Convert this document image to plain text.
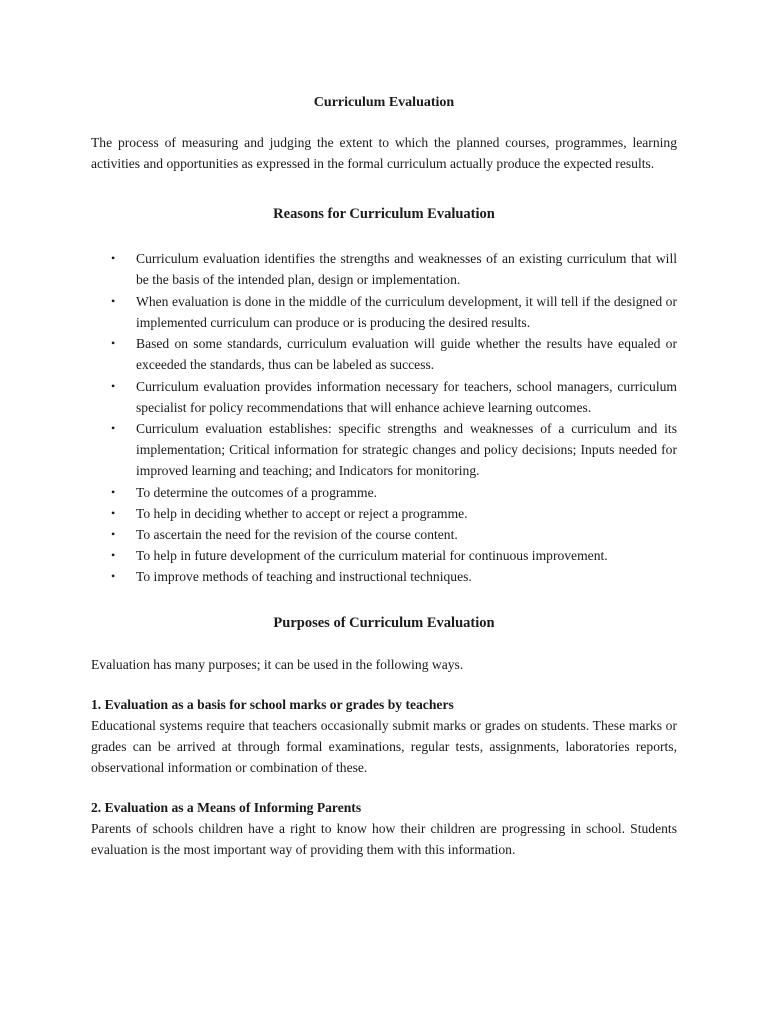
Curriculum Evaluation

The process of measuring and judging the extent to which the planned courses, programmes, learning activities and opportunities as expressed in the formal curriculum actually produce the expected results.

Reasons for Curriculum Evaluation

• Curriculum evaluation identifies the strengths and weaknesses of an existing curriculum that will be the basis of the intended plan, design or implementation.
• When evaluation is done in the middle of the curriculum development, it will tell if the designed or implemented curriculum can produce or is producing the desired results.
• Based on some standards, curriculum evaluation will guide whether the results have equaled or exceeded the standards, thus can be labeled as success.
• Curriculum evaluation provides information necessary for teachers, school managers, curriculum specialist for policy recommendations that will enhance achieve learning outcomes.
• Curriculum evaluation establishes: specific strengths and weaknesses of a curriculum and its implementation; Critical information for strategic changes and policy decisions; Inputs needed for improved learning and teaching; and Indicators for monitoring.
• To determine the outcomes of a programme.
• To help in deciding whether to accept or reject a programme.
• To ascertain the need for the revision of the course content.
• To help in future development of the curriculum material for continuous improvement.
• To improve methods of teaching and instructional techniques.

Purposes of Curriculum Evaluation

Evaluation has many purposes; it can be used in the following ways.

1. Evaluation as a basis for school marks or grades by teachers

Educational systems require that teachers occasionally submit marks or grades on students. These marks or grades can be arrived at through formal examinations, regular tests, assignments, laboratories reports, observational information or combination of these.

2. Evaluation as a Means of Informing Parents

Parents of schools children have a right to know how their children are progressing in school. Students evaluation is the most important way of providing them with this information.
